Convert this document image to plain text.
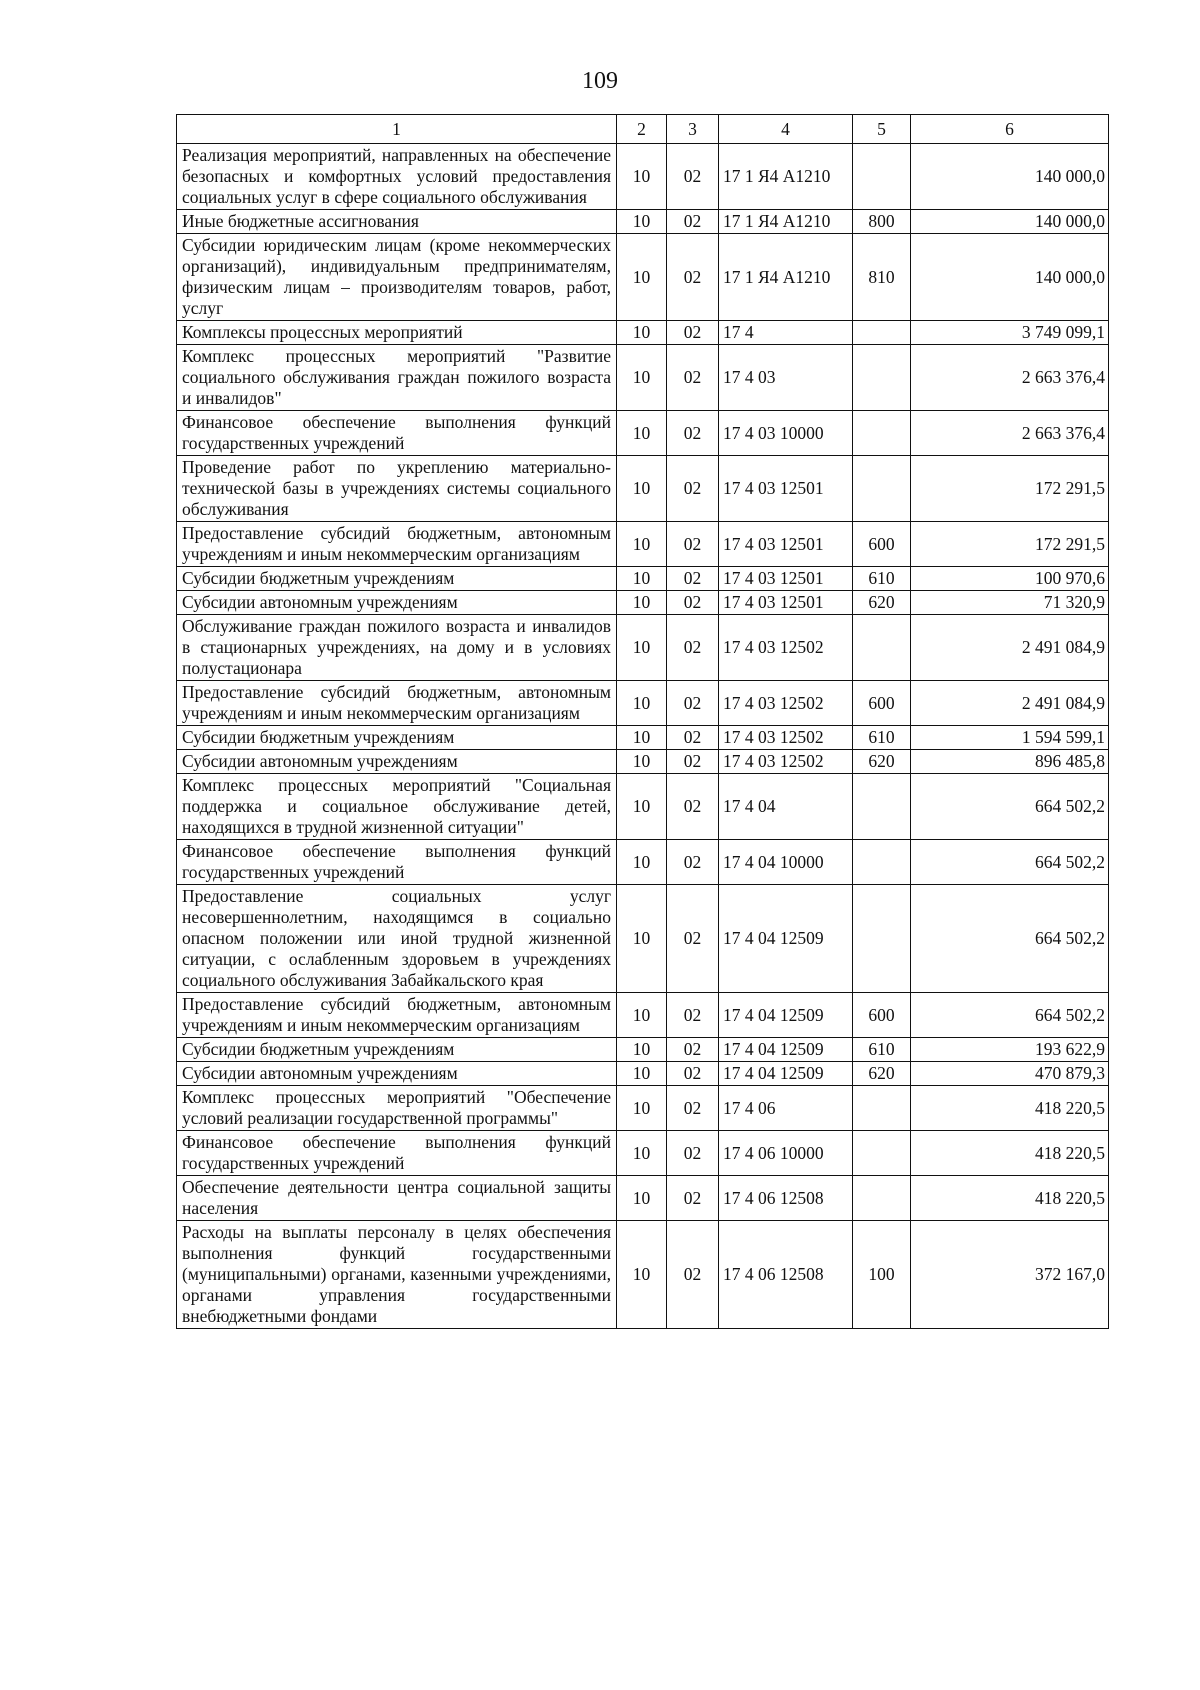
109
1	2	3	4	5	6
Реализация мероприятий, направленных на обеспечение безопасных и комфортных условий предоставления социальных услуг в сфере социального обслуживания	10	02	17 1 Я4 А1210		140 000,0
Иные бюджетные ассигнования	10	02	17 1 Я4 А1210	800	140 000,0
Субсидии юридическим лицам (кроме некоммерческих организаций), индивидуальным предпринимателям, физическим лицам – производителям товаров, работ, услуг	10	02	17 1 Я4 А1210	810	140 000,0
Комплексы процессных мероприятий	10	02	17 4		3 749 099,1
Комплекс процессных мероприятий "Развитие социального обслуживания граждан пожилого возраста и инвалидов"	10	02	17 4 03		2 663 376,4
Финансовое обеспечение выполнения функций государственных учреждений	10	02	17 4 03 10000		2 663 376,4
Проведение работ по укреплению материально-технической базы в учреждениях системы социального обслуживания	10	02	17 4 03 12501		172 291,5
Предоставление субсидий бюджетным, автономным учреждениям и иным некоммерческим организациям	10	02	17 4 03 12501	600	172 291,5
Субсидии бюджетным учреждениям	10	02	17 4 03 12501	610	100 970,6
Субсидии автономным учреждениям	10	02	17 4 03 12501	620	71 320,9
Обслуживание граждан пожилого возраста и инвалидов в стационарных учреждениях, на дому и в условиях полустационара	10	02	17 4 03 12502		2 491 084,9
Предоставление субсидий бюджетным, автономным учреждениям и иным некоммерческим организациям	10	02	17 4 03 12502	600	2 491 084,9
Субсидии бюджетным учреждениям	10	02	17 4 03 12502	610	1 594 599,1
Субсидии автономным учреждениям	10	02	17 4 03 12502	620	896 485,8
Комплекс процессных мероприятий "Социальная поддержка и социальное обслуживание детей, находящихся в трудной жизненной ситуации"	10	02	17 4 04		664 502,2
Финансовое обеспечение выполнения функций государственных учреждений	10	02	17 4 04 10000		664 502,2
Предоставление социальных услуг несовершеннолетним, находящимся в социально опасном положении или иной трудной жизненной ситуации, с ослабленным здоровьем в учреждениях социального обслуживания Забайкальского края	10	02	17 4 04 12509		664 502,2
Предоставление субсидий бюджетным, автономным учреждениям и иным некоммерческим организациям	10	02	17 4 04 12509	600	664 502,2
Субсидии бюджетным учреждениям	10	02	17 4 04 12509	610	193 622,9
Субсидии автономным учреждениям	10	02	17 4 04 12509	620	470 879,3
Комплекс процессных мероприятий "Обеспечение условий реализации государственной программы"	10	02	17 4 06		418 220,5
Финансовое обеспечение выполнения функций государственных учреждений	10	02	17 4 06 10000		418 220,5
Обеспечение деятельности центра социальной защиты населения	10	02	17 4 06 12508		418 220,5
Расходы на выплаты персоналу в целях обеспечения выполнения функций государственными (муниципальными) органами, казенными учреждениями, органами управления государственными внебюджетными фондами	10	02	17 4 06 12508	100	372 167,0
